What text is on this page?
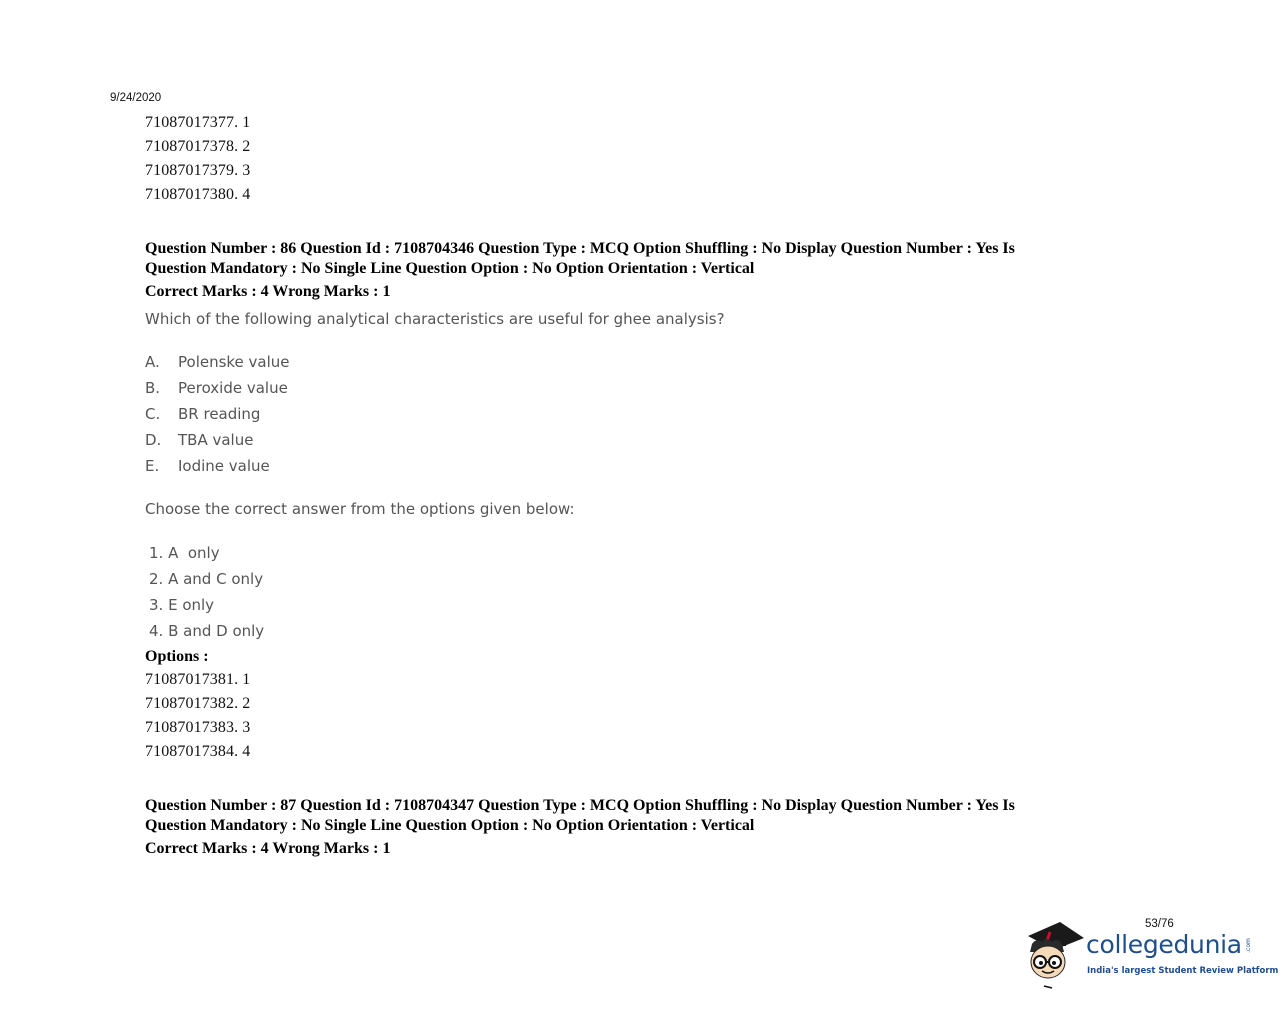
9/24/2020
71087017377. 1
71087017378. 2
71087017379. 3
71087017380. 4
Question Number : 86 Question Id : 7108704346 Question Type : MCQ Option Shuffling : No Display Question Number : Yes Is
Question Mandatory : No Single Line Question Option : No Option Orientation : Vertical
Correct Marks : 4 Wrong Marks : 1
Which of the following analytical characteristics are useful for ghee analysis?
A. Polenske value
B. Peroxide value
C. BR reading
D. TBA value
E. Iodine value
Choose the correct answer from the options given below:
1. A  only
2. A and C only
3. E only
4. B and D only
Options :
71087017381. 1
71087017382. 2
71087017383. 3
71087017384. 4
Question Number : 87 Question Id : 7108704347 Question Type : MCQ Option Shuffling : No Display Question Number : Yes Is
Question Mandatory : No Single Line Question Option : No Option Orientation : Vertical
Correct Marks : 4 Wrong Marks : 1
53/76
collegedunia .com
India's largest Student Review Platform
